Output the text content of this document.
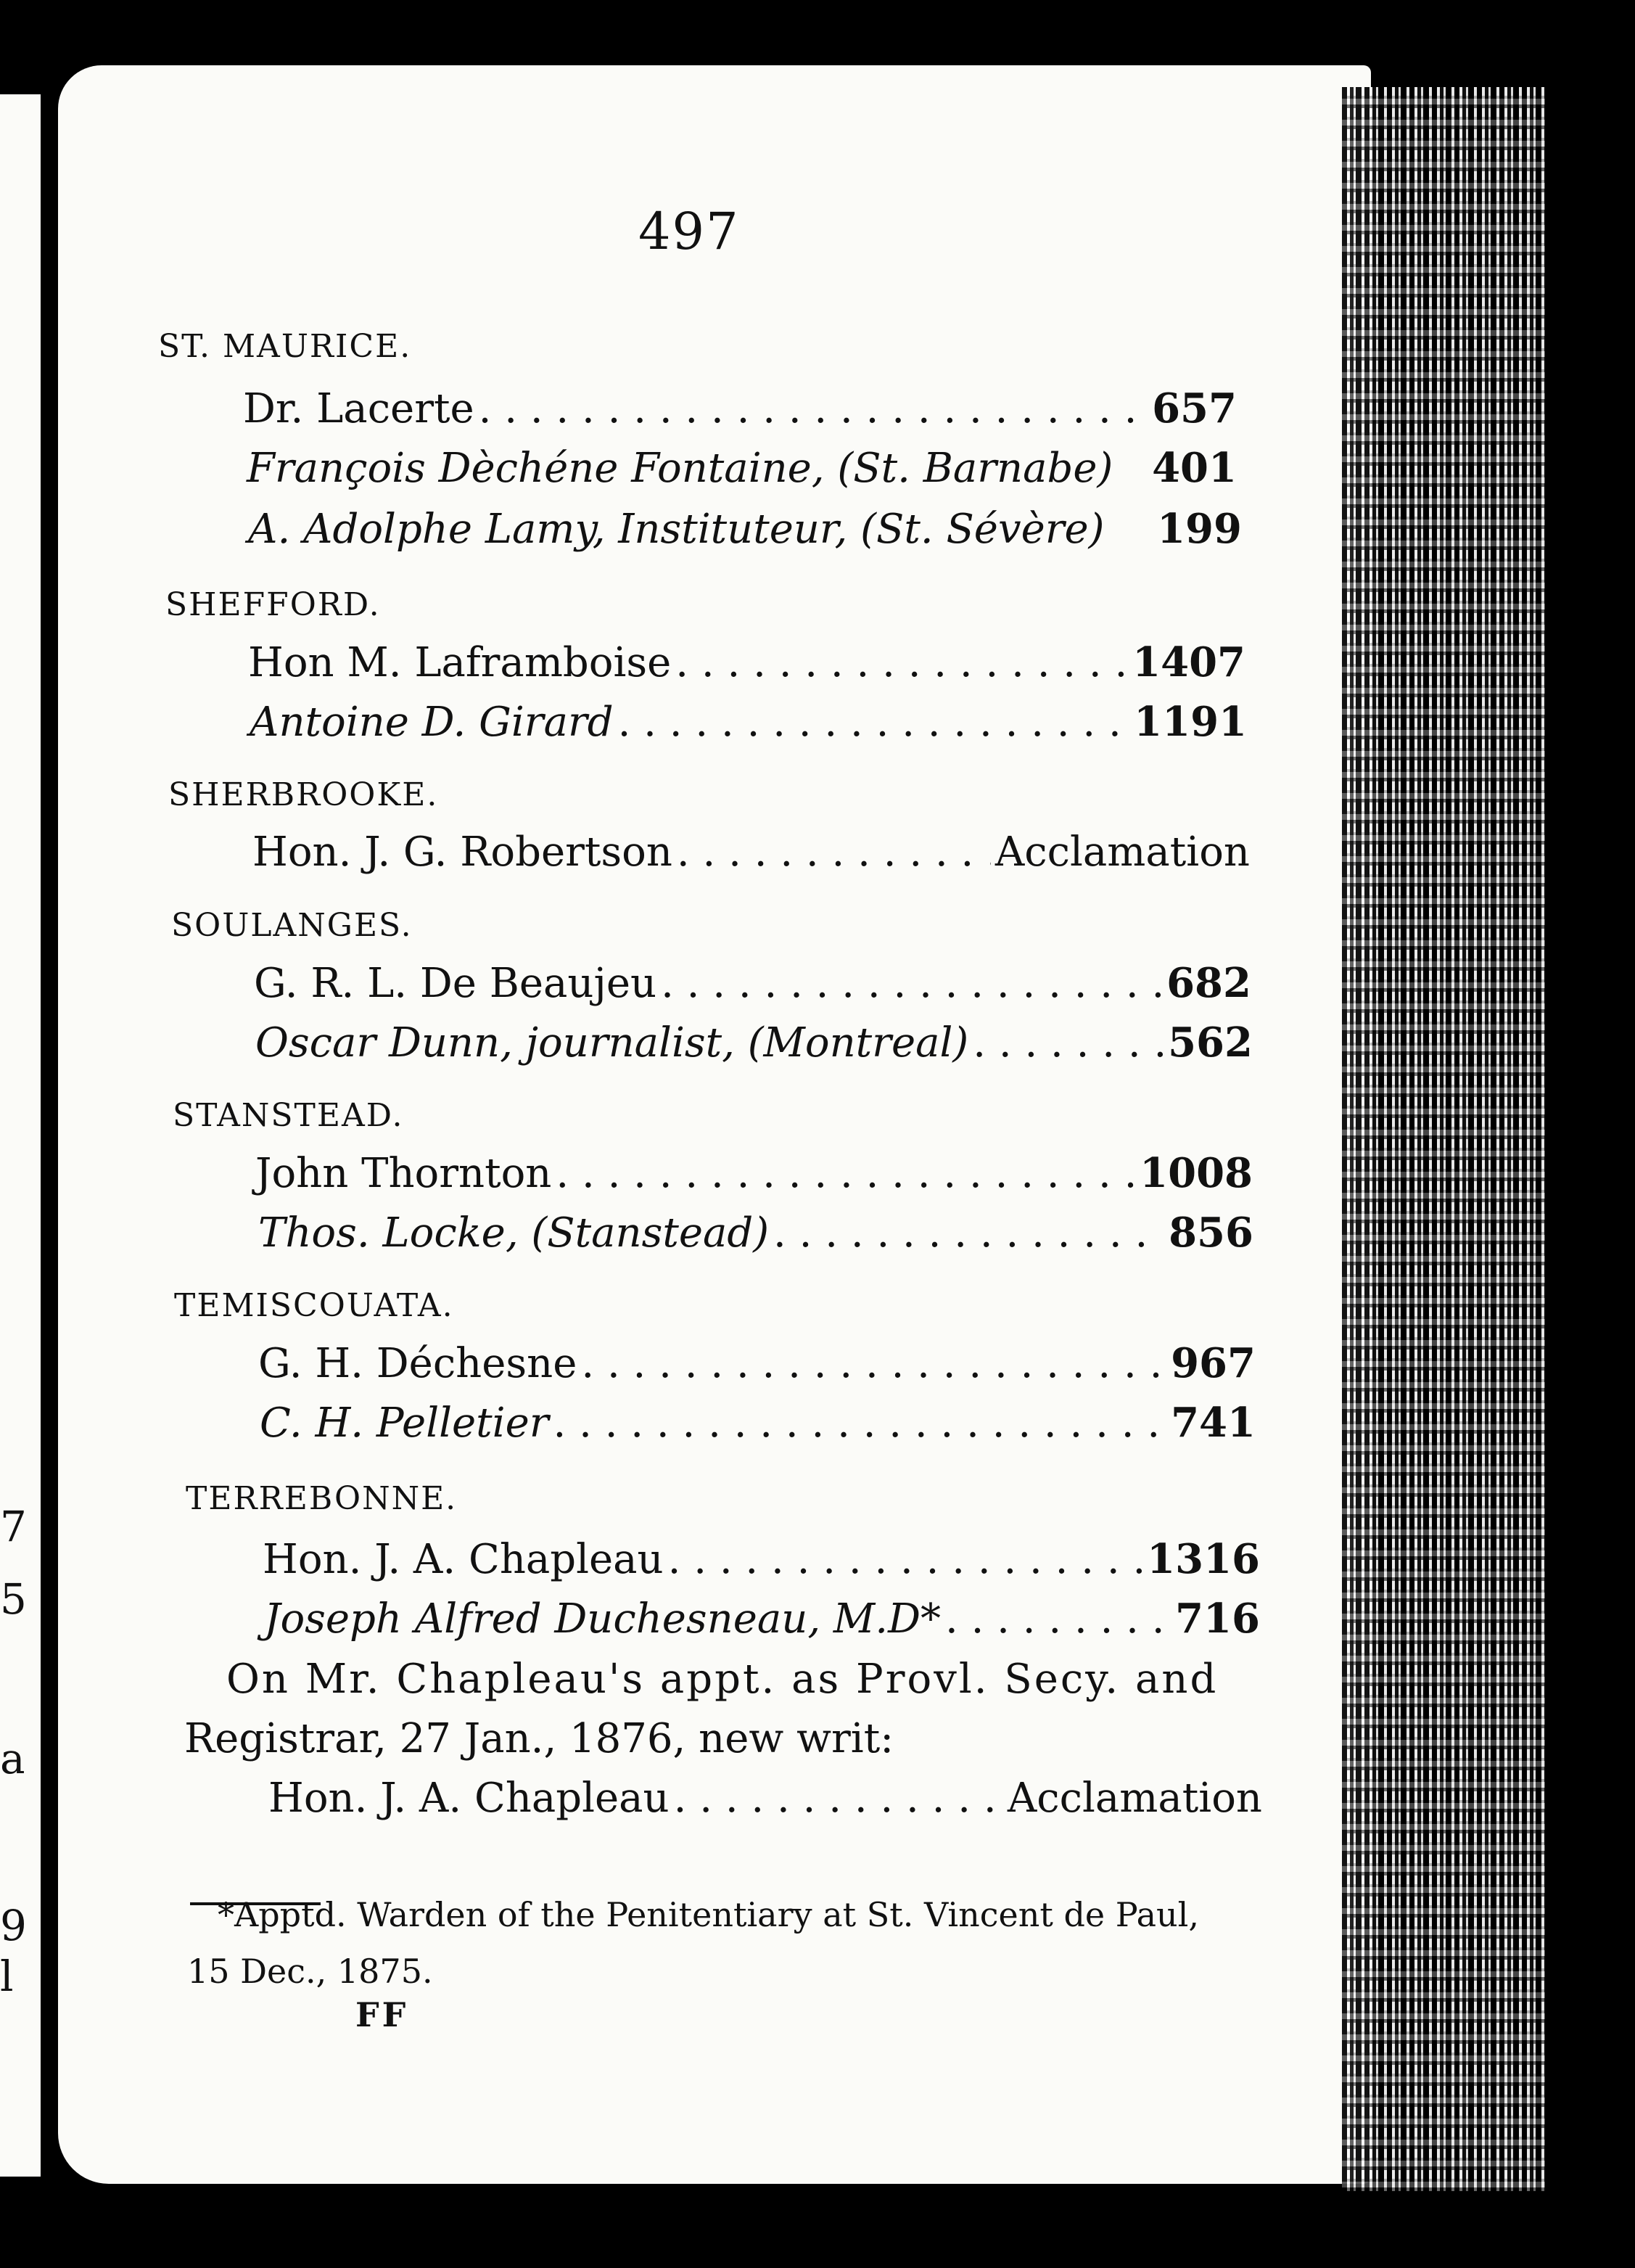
7
5
a
9
l
497
ST. MAURICE.
Dr. Lacerte . . .	657
François Dèchéne Fontaine, (St. Barnabe) 401
A. Adolphe Lamy, Instituteur, (St. Sévère) 199
SHEFFORD.
Hon M. Laframboise . . .	1407
Antoine D. Girard . . .	1191
SHERBROOKE.
Hon. J. G. Robertson . . .	Acclamation
SOULANGES.
G. R. L. De Beaujeu . . .	682
Oscar Dunn, journalist, (Montreal) . . .	562
STANSTEAD.
John Thornton . . .	1008
Thos. Locke, (Stanstead) . . .	856
TEMISCOUATA.
G. H. Déchesne . . .	967
C. H. Pelletier . . .	741
TERREBONNE.
Hon. J. A. Chapleau . . .	1316
Joseph Alfred Duchesneau, M.D* . . .	716
On Mr. Chapleau's appt. as Provl. Secy. and
Registrar, 27 Jan., 1876, new writ:
Hon. J. A. Chapleau . . .	Acclamation
*Apptd. Warden of the Penitentiary at St. Vincent de Paul,
15 Dec., 1875.
FF
